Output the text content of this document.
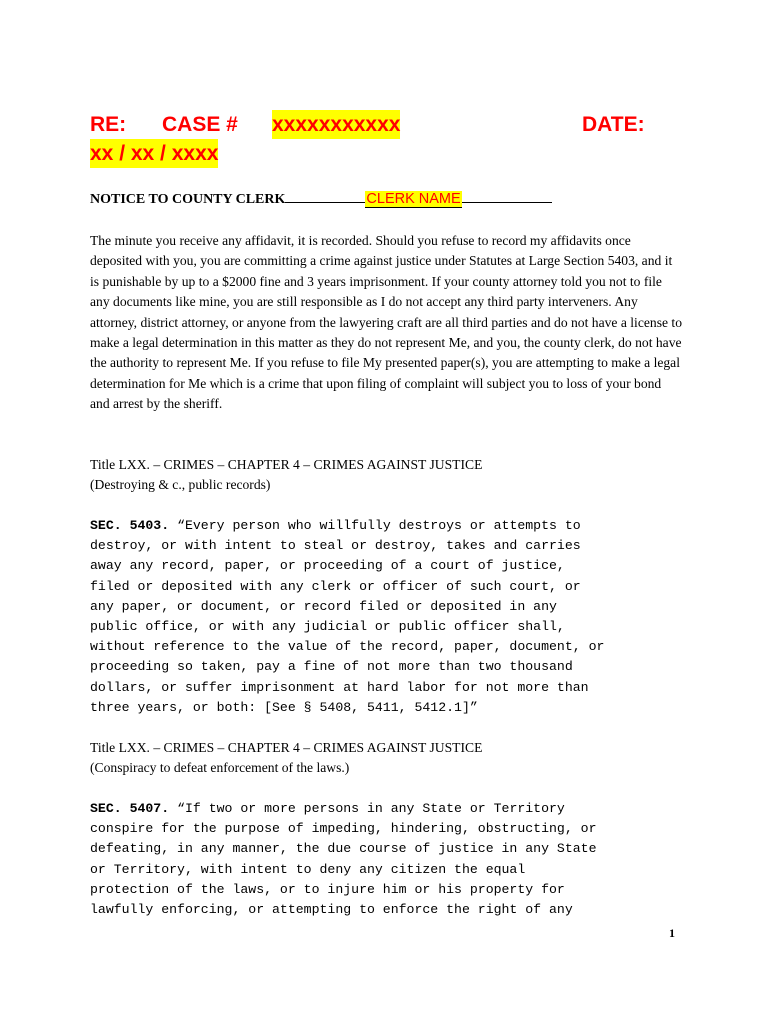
RE: CASE # xxxxxxxxxxx	DATE:
xx / xx / xxxx
NOTICE TO COUNTY CLERK	CLERK NAME
The minute you receive any affidavit, it is recorded. Should you refuse to record my affidavits once deposited with you, you are committing a crime against justice under Statutes at Large Section 5403, and it is punishable by up to a $2000 fine and 3 years imprisonment. If your county attorney told you not to file any documents like mine, you are still responsible as I do not accept any third party interveners. Any attorney, district attorney, or anyone from the lawyering craft are all third parties and do not have a license to make a legal determination in this matter as they do not represent Me, and you, the county clerk, do not have the authority to represent Me. If you refuse to file My presented paper(s), you are attempting to make a legal determination for Me which is a crime that upon filing of complaint will subject you to loss of your bond and arrest by the sheriff.
Title LXX. – CRIMES – CHAPTER 4 – CRIMES AGAINST JUSTICE
(Destroying & c., public records)
SEC. 5403. “Every person who willfully destroys or attempts to
destroy, or with intent to steal or destroy, takes and carries
away any record, paper, or proceeding of a court of justice,
filed or deposited with any clerk or officer of such court, or
any paper, or document, or record filed or deposited in any
public office, or with any judicial or public officer shall,
without reference to the value of the record, paper, document, or
proceeding so taken, pay a fine of not more than two thousand
dollars, or suffer imprisonment at hard labor for not more than
three years, or both: [See § 5408, 5411, 5412.1]”
Title LXX. – CRIMES – CHAPTER 4 – CRIMES AGAINST JUSTICE
(Conspiracy to defeat enforcement of the laws.)
SEC. 5407. “If two or more persons in any State or Territory
conspire for the purpose of impeding, hindering, obstructing, or
defeating, in any manner, the due course of justice in any State
or Territory, with intent to deny any citizen the equal
protection of the laws, or to injure him or his property for
lawfully enforcing, or attempting to enforce the right of any
1
